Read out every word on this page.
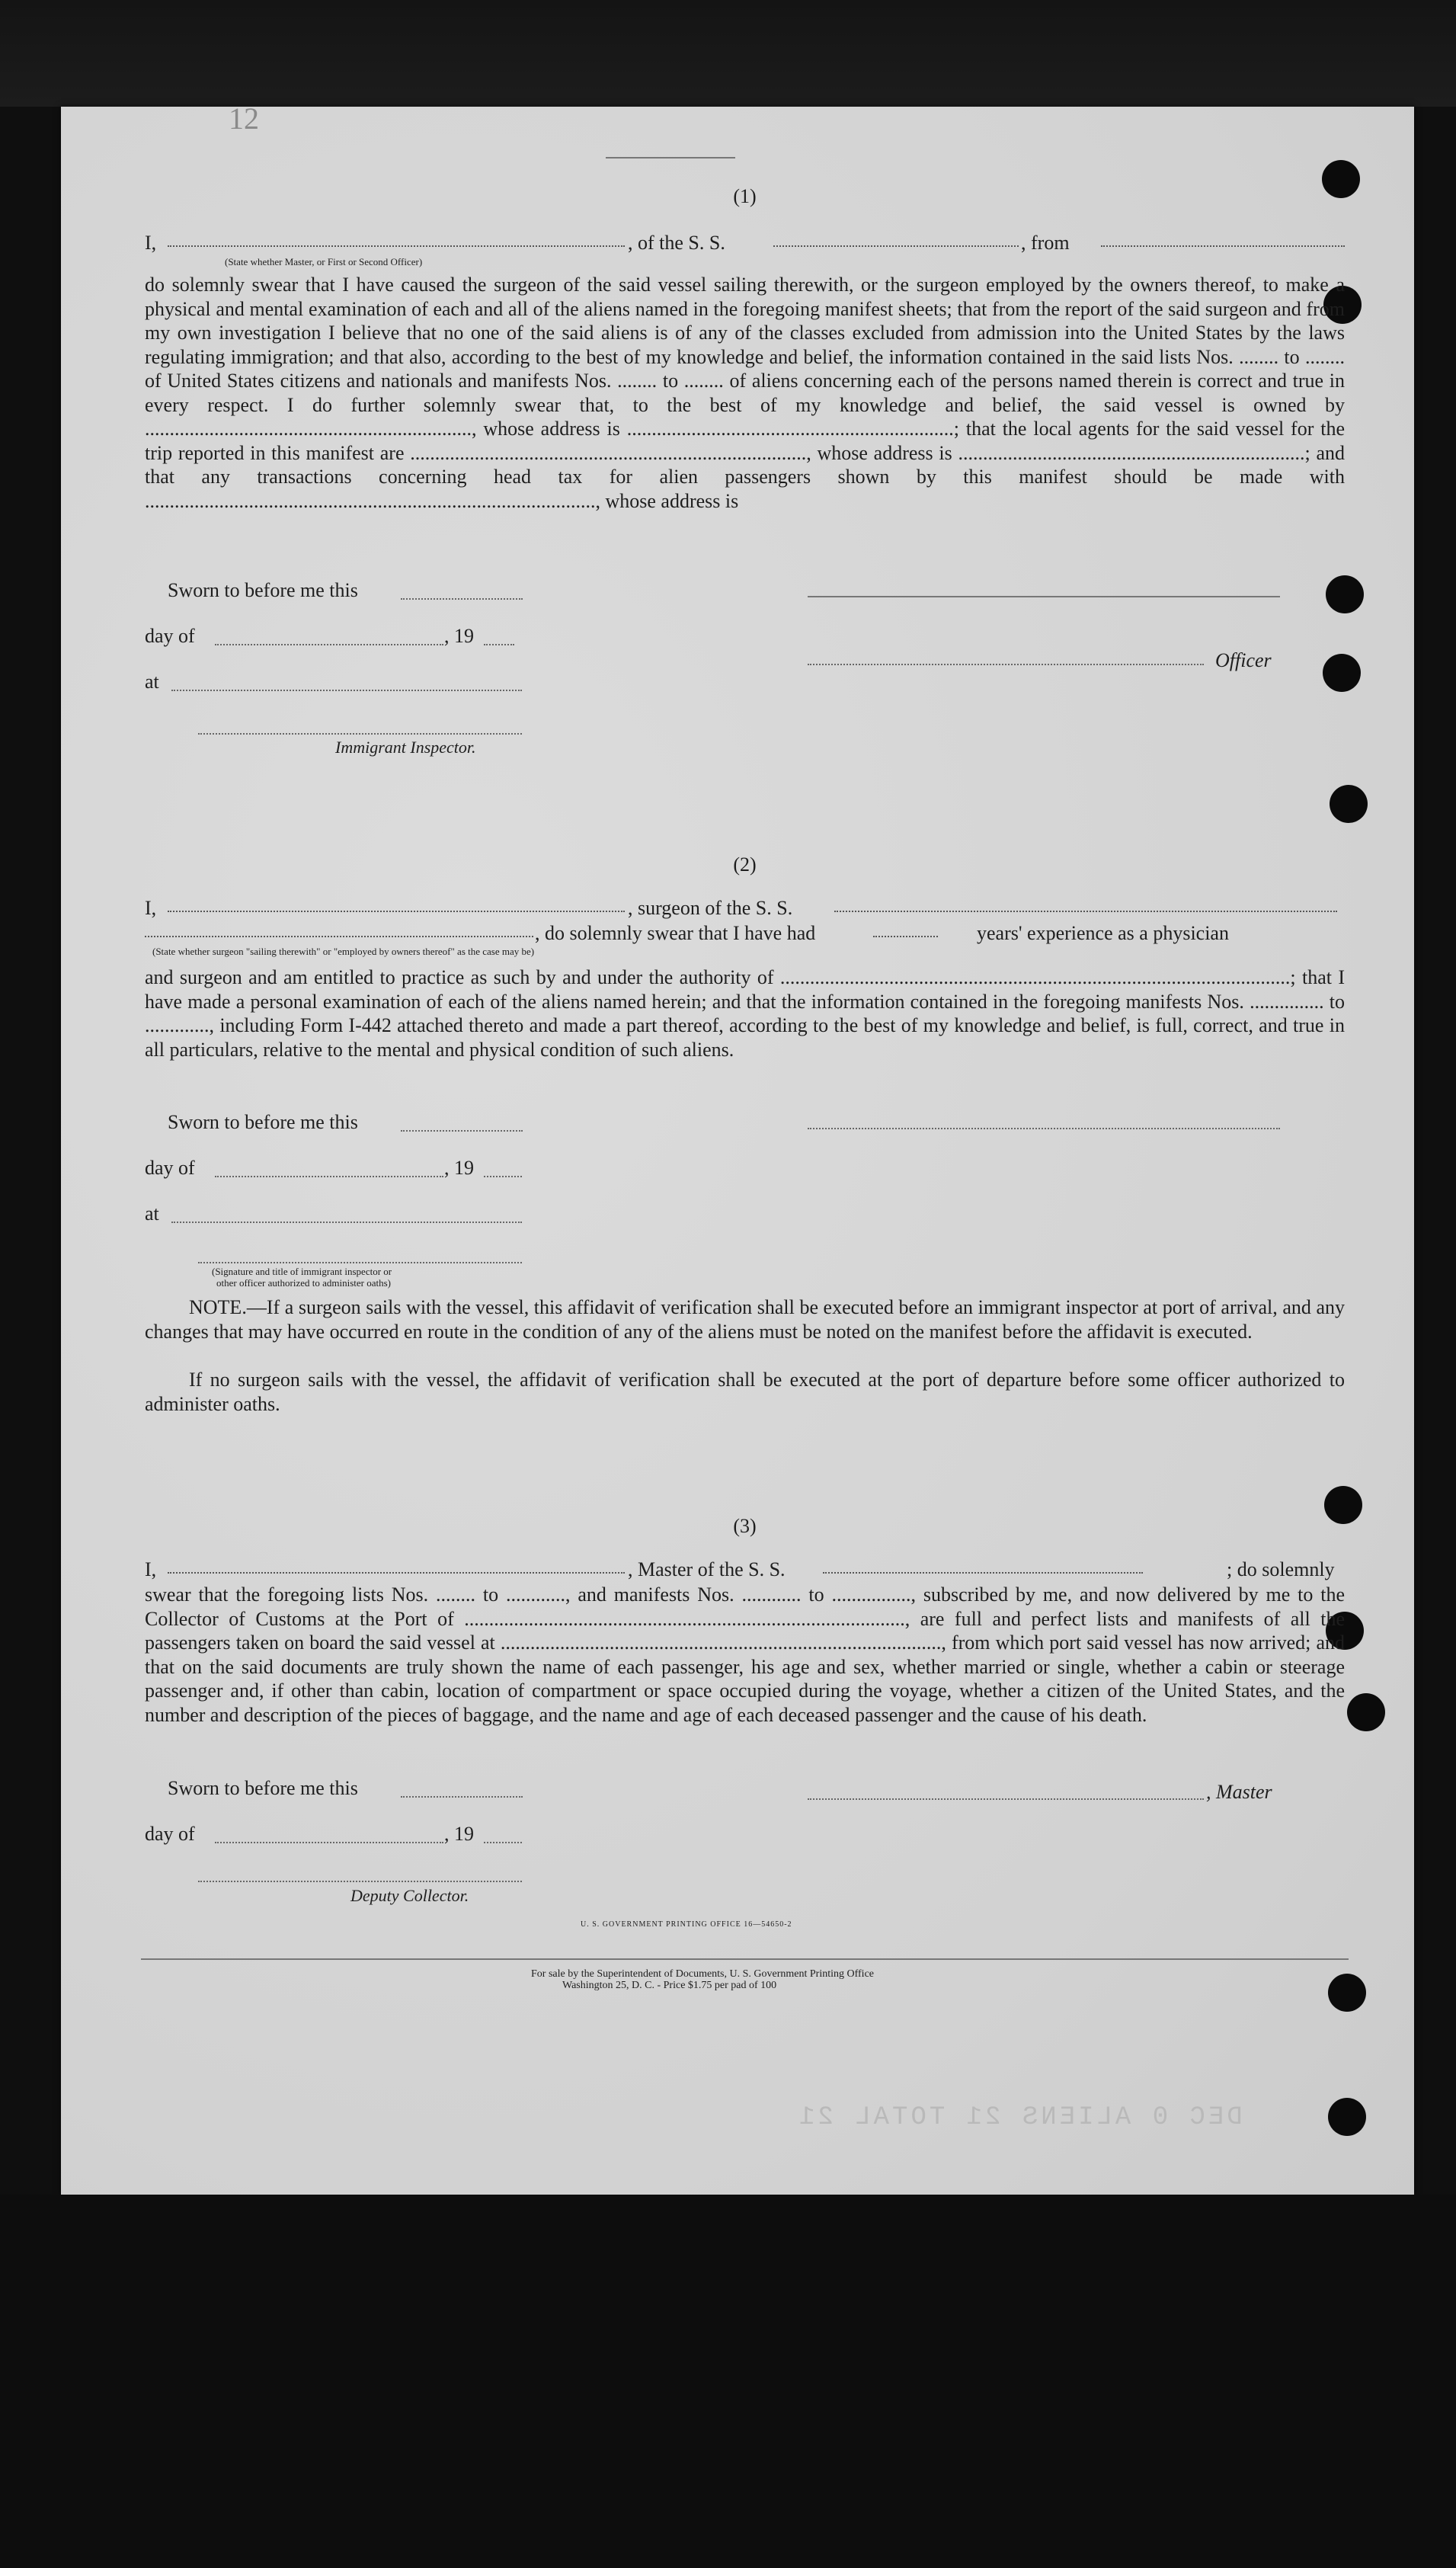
12
DEC 0 ALIENS 21 TOTAL 21
(1)
I,	, of the S. S.	, from
(State whether Master, or First or Second Officer)
do solemnly swear that I have caused the surgeon of the said vessel sailing therewith, or the surgeon employed by the owners thereof, to make a physical and mental examination of each and all of the aliens named in the foregoing manifest sheets; that from the report of the said surgeon and from my own investigation I believe that no one of the said aliens is of any of the classes excluded from admission into the United States by the laws regulating immigration; and that also, according to the best of my knowledge and belief, the information contained in the said lists Nos. ........ to ........ of United States citizens and nationals and manifests Nos. ........ to ........ of aliens concerning each of the persons named therein is correct and true in every respect. I do further solemnly swear that, to the best of my knowledge and belief, the said vessel is owned by .................................................................., whose address is ..................................................................; that the local agents for the said vessel for the trip reported in this manifest are ................................................................................, whose address is ......................................................................; and that any transactions concerning head tax for alien passengers shown by this manifest should be made with ..........................................................................................., whose address is
Sworn to before me this
day of	, 19
Officer
at
Immigrant Inspector.
(2)
I,	, surgeon of the S. S.
, do solemnly swear that I have had	years' experience as a physician
(State whether surgeon "sailing therewith" or "employed by owners thereof" as the case may be)
and surgeon and am entitled to practice as such by and under the authority of .......................................................................................................; that I have made a personal examination of each of the aliens named herein; and that the information contained in the foregoing manifests Nos. ............... to ............., including Form I-442 attached thereto and made a part thereof, according to the best of my knowledge and belief, is full, correct, and true in all particulars, relative to the mental and physical condition of such aliens.
Sworn to before me this
day of	, 19
at
(Signature and title of immigrant inspector or
other officer authorized to administer oaths)
NOTE.—If a surgeon sails with the vessel, this affidavit of verification shall be executed before an immigrant inspector at port of arrival, and any changes that may have occurred en route in the condition of any of the aliens must be noted on the manifest before the affidavit is executed.
If no surgeon sails with the vessel, the affidavit of verification shall be executed at the port of departure before some officer authorized to administer oaths.
(3)
I,	, Master of the S. S.	; do solemnly
swear that the foregoing lists Nos. ........ to ............, and manifests Nos. ............ to ................, subscribed by me, and now delivered by me to the Collector of Customs at the Port of ........................................................................................., are full and perfect lists and manifests of all the passengers taken on board the said vessel at ........................................................................................., from which port said vessel has now arrived; and that on the said documents are truly shown the name of each passenger, his age and sex, whether married or single, whether a cabin or steerage passenger and, if other than cabin, location of compartment or space occupied during the voyage, whether a citizen of the United States, and the number and description of the pieces of baggage, and the name and age of each deceased passenger and the cause of his death.
Sworn to before me this	, Master
day of	, 19
Deputy Collector.
U. S. GOVERNMENT PRINTING OFFICE 16—54650-2
For sale by the Superintendent of Documents, U. S. Government Printing Office
Washington 25, D. C. - Price $1.75 per pad of 100
